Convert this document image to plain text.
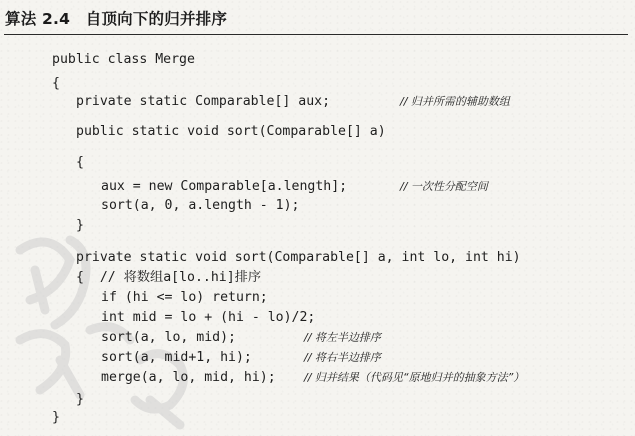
算法 2.4　自顶向下的归并排序
public class Merge
{
private static Comparable[] aux;	// 归并所需的辅助数组
public static void sort(Comparable[] a)
{
aux = new Comparable[a.length];	// 一次性分配空间
sort(a, 0, a.length - 1);
}
private static void sort(Comparable[] a, int lo, int hi)
{  // 将数组a[lo..hi]排序
if (hi <= lo) return;
int mid = lo + (hi - lo)/2;
sort(a, lo, mid);	// 将左半边排序
sort(a, mid+1, hi);	// 将右半边排序
merge(a, lo, mid, hi);	// 归并结果（代码见“原地归并的抽象方法”）
}
}
